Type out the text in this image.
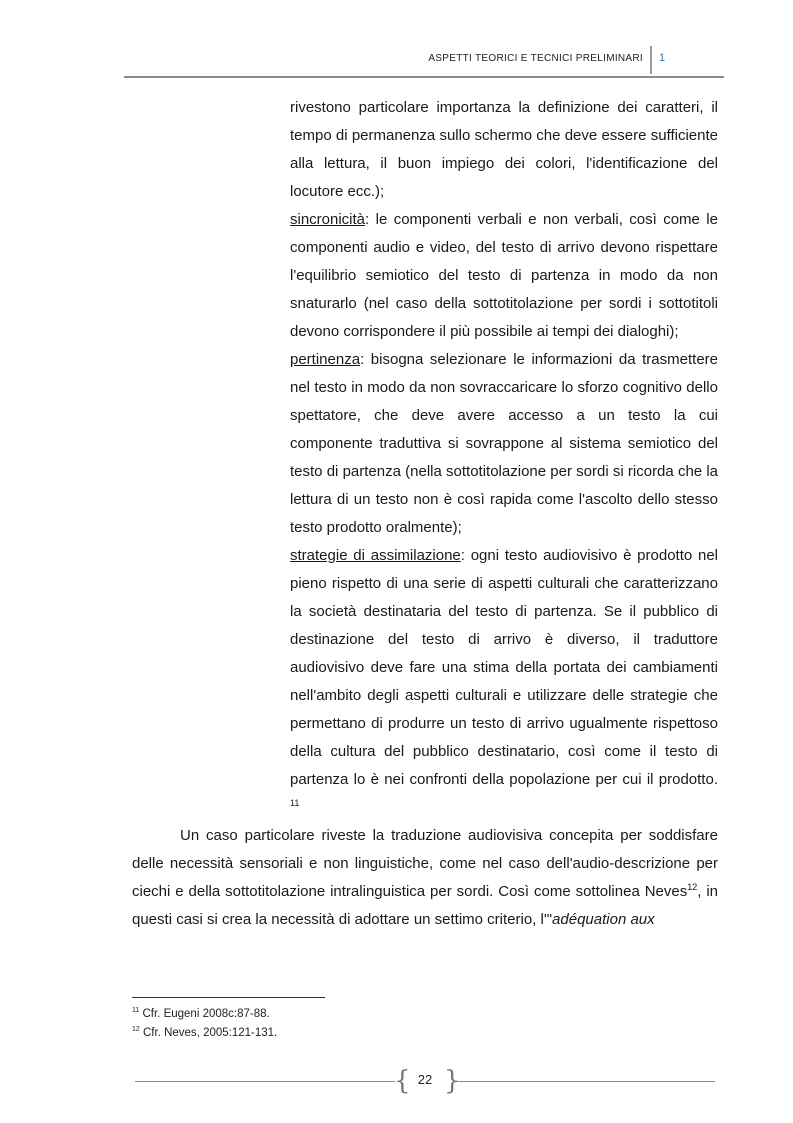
ASPETTI TEORICI E TECNICI PRELIMINARI 1
rivestono particolare importanza la definizione dei caratteri, il tempo di permanenza sullo schermo che deve essere sufficiente alla lettura, il buon impiego dei colori, l'identificazione del locutore ecc.);
sincronicità: le componenti verbali e non verbali, così come le componenti audio e video, del testo di arrivo devono rispettare l'equilibrio semiotico del testo di partenza in modo da non snaturarlo (nel caso della sottotitolazione per sordi i sottotitoli devono corrispondere il più possibile ai tempi dei dialoghi);
pertinenza: bisogna selezionare le informazioni da trasmettere nel testo in modo da non sovraccaricare lo sforzo cognitivo dello spettatore, che deve avere accesso a un testo la cui componente traduttiva si sovrappone al sistema semiotico del testo di partenza (nella sottotitolazione per sordi si ricorda che la lettura di un testo non è così rapida come l'ascolto dello stesso testo prodotto oralmente);
strategie di assimilazione: ogni testo audiovisivo è prodotto nel pieno rispetto di una serie di aspetti culturali che caratterizzano la società destinataria del testo di partenza. Se il pubblico di destinazione del testo di arrivo è diverso, il traduttore audiovisivo deve fare una stima della portata dei cambiamenti nell'ambito degli aspetti culturali e utilizzare delle strategie che permettano di produrre un testo di arrivo ugualmente rispettoso della cultura del pubblico destinatario, così come il testo di partenza lo è nei confronti della popolazione per cui il prodotto. $^{11}$
Un caso particolare riveste la traduzione audiovisiva concepita per soddisfare delle necessità sensoriali e non linguistiche, come nel caso dell'audio-descrizione per ciechi e della sottotitolazione intralinguistica per sordi. Così come sottolinea Neves$^{12}$, in questi casi si crea la necessità di adottare un settimo criterio, l'"adéquation aux
$^{11}$ Cfr. Eugeni 2008c:87-88.
$^{12}$ Cfr. Neves, 2005:121-131.
{ 22 }
